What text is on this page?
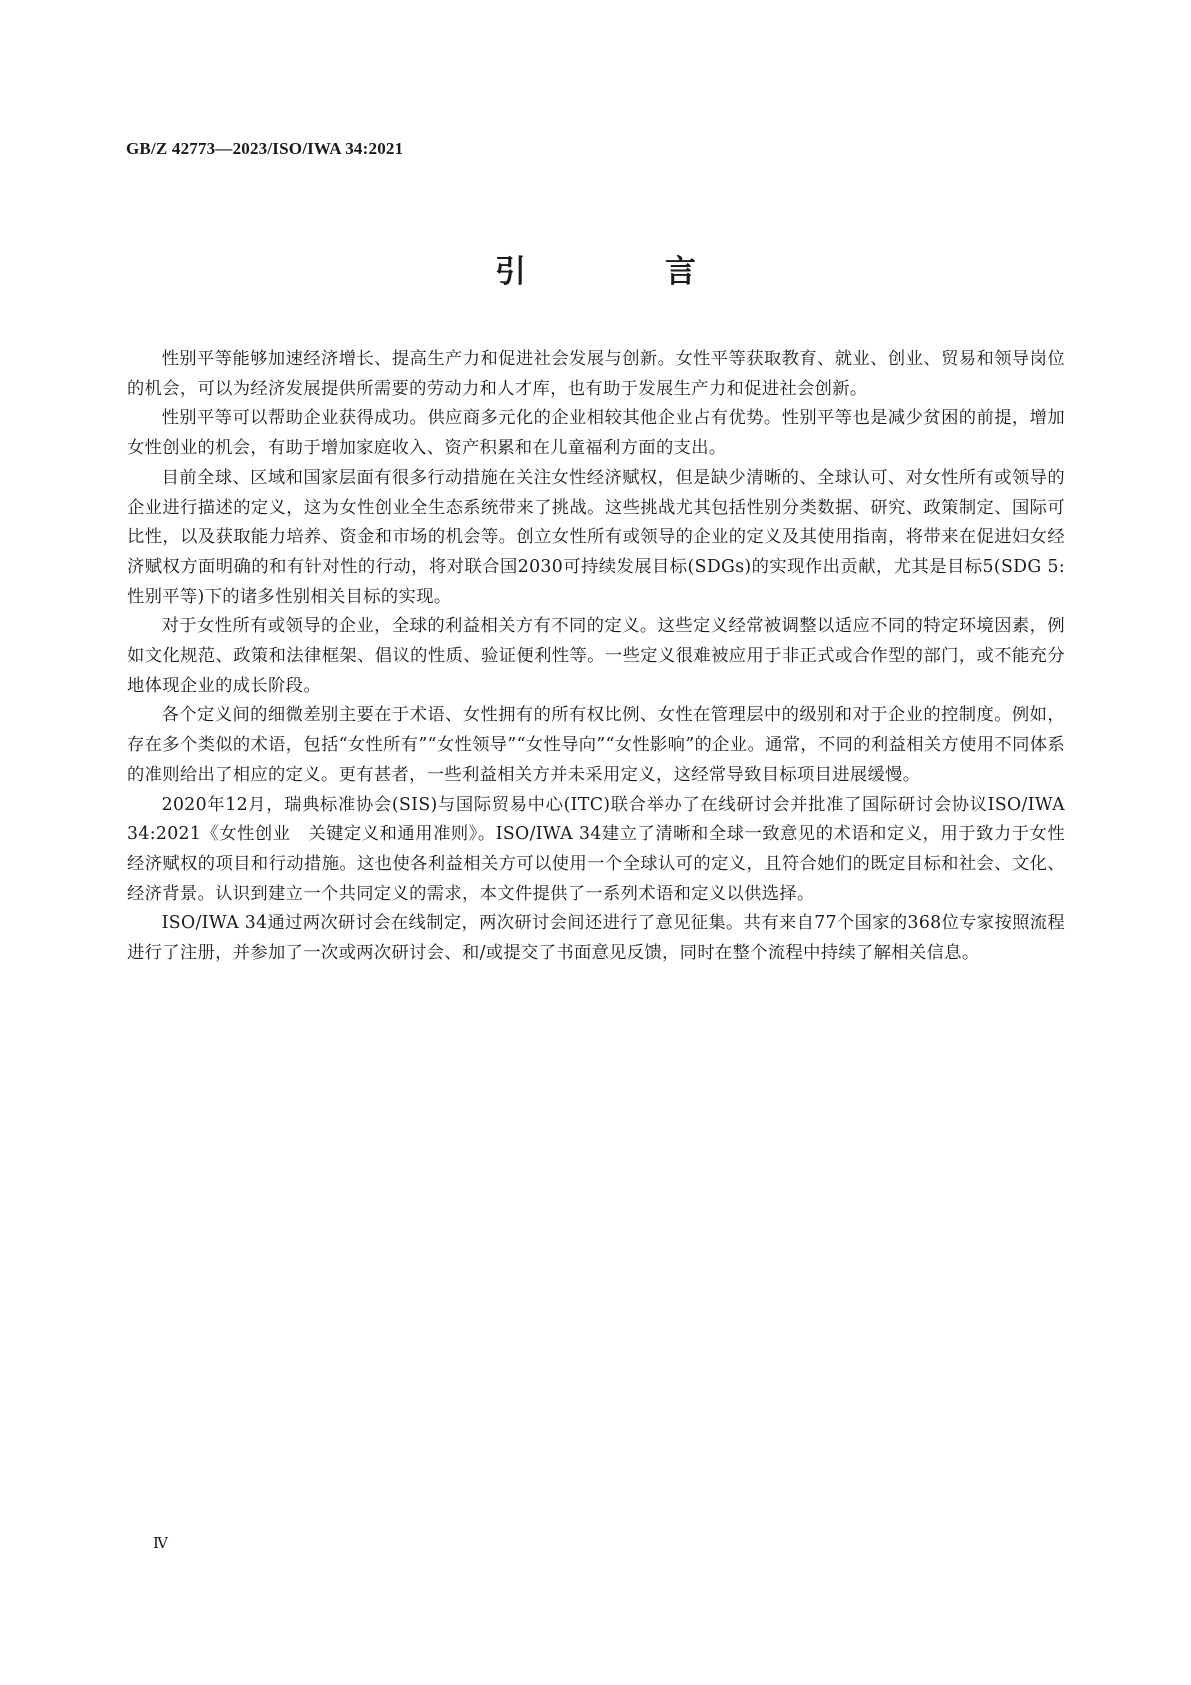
GB/Z 42773—2023/ISO/IWA 34:2021
引　言

性别平等能够加速经济增长、提高生产力和促进社会发展与创新。女性平等获取教育、就业、创业、贸易和领导岗位的机会，可以为经济发展提供所需要的劳动力和人才库，也有助于发展生产力和促进社会创新。

性别平等可以帮助企业获得成功。供应商多元化的企业相较其他企业占有优势。性别平等也是减少贫困的前提，增加女性创业的机会，有助于增加家庭收入、资产积累和在儿童福利方面的支出。

目前全球、区域和国家层面有很多行动措施在关注女性经济赋权，但是缺少清晰的、全球认可、对女性所有或领导的企业进行描述的定义，这为女性创业全生态系统带来了挑战。这些挑战尤其包括性别分类数据、研究、政策制定、国际可比性，以及获取能力培养、资金和市场的机会等。创立女性所有或领导的企业的定义及其使用指南，将带来在促进妇女经济赋权方面明确的和有针对性的行动，将对联合国2030可持续发展目标(SDGs)的实现作出贡献，尤其是目标5(SDG 5:性别平等)下的诸多性别相关目标的实现。

对于女性所有或领导的企业，全球的利益相关方有不同的定义。这些定义经常被调整以适应不同的特定环境因素，例如文化规范、政策和法律框架、倡议的性质、验证便利性等。一些定义很难被应用于非正式或合作型的部门，或不能充分地体现企业的成长阶段。

各个定义间的细微差别主要在于术语、女性拥有的所有权比例、女性在管理层中的级别和对于企业的控制度。例如，存在多个类似的术语，包括“女性所有”“女性领导”“女性导向”“女性影响”的企业。通常，不同的利益相关方使用不同体系的准则给出了相应的定义。更有甚者，一些利益相关方并未采用定义，这经常导致目标项目进展缓慢。

2020年12月，瑞典标准协会(SIS)与国际贸易中心(ITC)联合举办了在线研讨会并批准了国际研讨会协议ISO/IWA 34:2021《女性创业　关键定义和通用准则》。ISO/IWA 34建立了清晰和全球一致意见的术语和定义，用于致力于女性经济赋权的项目和行动措施。这也使各利益相关方可以使用一个全球认可的定义，且符合她们的既定目标和社会、文化、经济背景。认识到建立一个共同定义的需求，本文件提供了一系列术语和定义以供选择。

ISO/IWA 34通过两次研讨会在线制定，两次研讨会间还进行了意见征集。共有来自77个国家的368位专家按照流程进行了注册，并参加了一次或两次研讨会、和/或提交了书面意见反馈，同时在整个流程中持续了解相关信息。

Ⅳ
